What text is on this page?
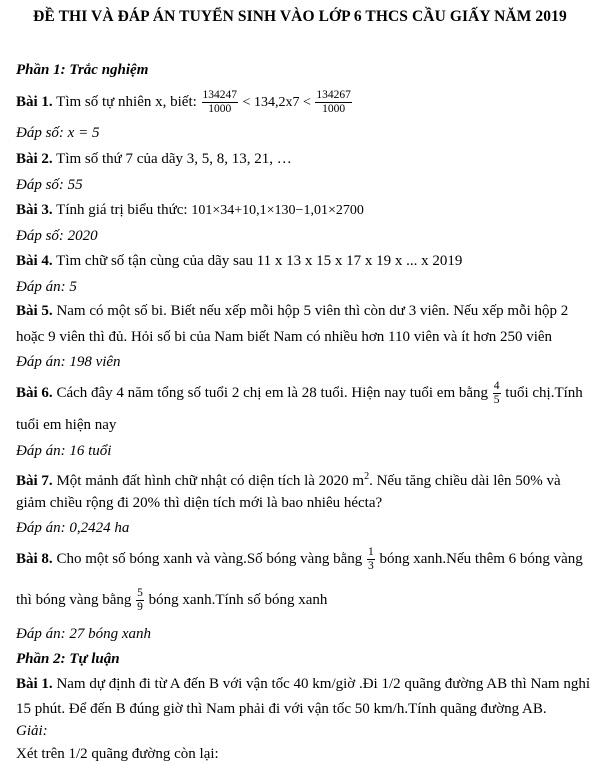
ĐỀ THI VÀ ĐÁP ÁN TUYỂN SINH VÀO LỚP 6 THCS CẦU GIẤY NĂM 2019
Phần 1: Trắc nghiệm
Bài 1. Tìm số tự nhiên x, biết: $\frac{134247}{1000} < 134,2x7 < \frac{134267}{1000}$
Đáp số: x = 5
Bài 2. Tìm số thứ 7 của dãy 3, 5, 8, 13, 21, …
Đáp số: 55
Bài 3. Tính giá trị biểu thức: 101×34+10,1×130−1,01×2700
Đáp số: 2020
Bài 4. Tìm chữ số tận cùng của dãy sau 11 x 13 x 15 x 17 x 19 x ... x 2019
Đáp án: 5
Bài 5. Nam có một số bi. Biết nếu xếp mỗi hộp 5 viên thì còn dư 3 viên. Nếu xếp mỗi hộp 2
hoặc 9 viên thì đủ. Hỏi số bi của Nam biết Nam có nhiều hơn 110 viên và ít hơn 250 viên
Đáp án: 198 viên
Bài 6. Cách đây 4 năm tổng số tuổi 2 chị em là 28 tuổi. Hiện nay tuổi em bằng $\frac{4}{5}$ tuổi chị.Tính
tuổi em hiện nay
Đáp án: 16 tuổi
Bài 7. Một mảnh đất hình chữ nhật có diện tích là 2020 $m^2$. Nếu tăng chiều dài lên 50% và
giảm chiều rộng đi 20% thì diện tích mới là bao nhiêu hécta?
Đáp án: 0,2424 ha
Bài 8. Cho một số bóng xanh và vàng.Số bóng vàng bằng $\frac{1}{3}$ bóng xanh.Nếu thêm 6 bóng vàng
thì bóng vàng bằng $\frac{5}{9}$ bóng xanh.Tính số bóng xanh
Đáp án: 27 bóng xanh
Phần 2: Tự luận
Bài 1. Nam dự định đi từ A đến B với vận tốc 40 km/giờ .Đi 1/2 quãng đường AB thì Nam nghỉ
15 phút. Để đến B đúng giờ thì Nam phải đi với vận tốc 50 km/h.Tính quãng đường AB.
Giải:
Xét trên 1/2 quãng đường còn lại:
